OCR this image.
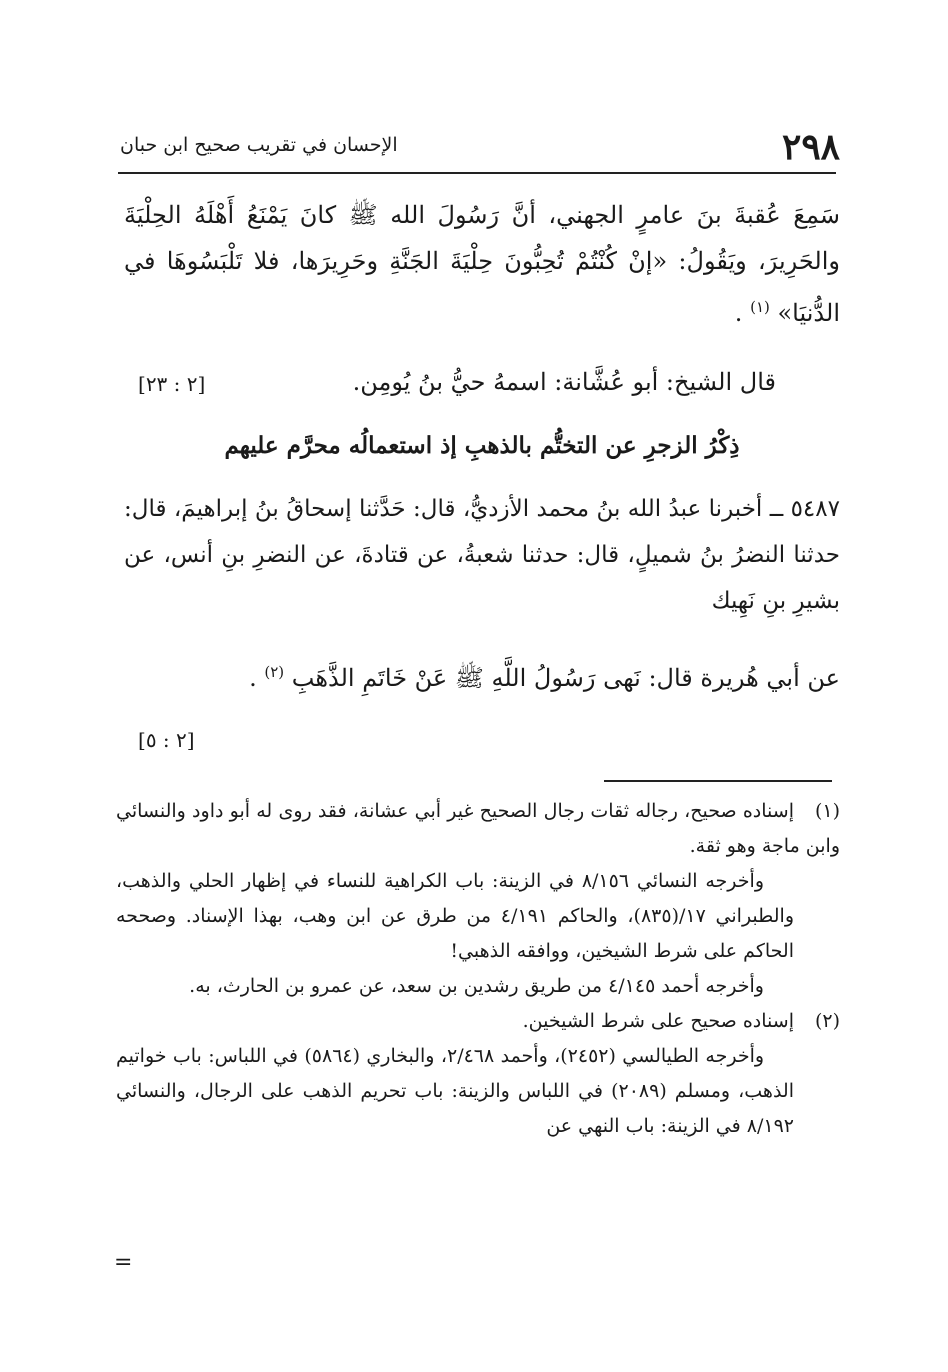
٢٩٨
الإحسان في تقريب صحيح ابن حبان
سَمِعَ عُقبةَ بنَ عامرٍ الجهني، أنَّ رَسُولَ الله ﷺ كانَ يَمْنَعُ أَهْلَهُ الحِلْيَةَ والحَرِيرَ، ويَقُولُ: «إنْ كُنْتُمْ تُحِبُّونَ حِلْيَةَ الجَنَّةِ وحَرِيرَها، فلا تَلْبَسُوهَا في الدُّنيَا» $^{(١)}$ .
قال الشيخ: أبو عُشَّانة: اسمهُ حيُّ بنُ يُومِن.
[٢ : ٢٣]
ذِكْرُ الزجرِ عن التختُّم بالذهبِ إذ استعمالُه محرَّم عليهم
٥٤٨٧ ــ أخبرنا عبدُ الله بنُ محمد الأزديُّ، قال: حَدَّثنا إسحاقُ بنُ إبراهيمَ، قال: حدثنا النضرُ بنُ شميلٍ، قال: حدثنا شعبةُ، عن قتادةَ، عن النضرِ بنِ أنس، عن بشيرِ بنِ نَهِيك
عن أبي هُريرة قال: نَهى رَسُولُ اللَّهِ ﷺ عَنْ خَاتَمِ الذَّهَبِ $^{(٢)}$ .
[٢ : ٥]

(١)إسناده صحيح، رجاله ثقات رجال الصحيح غير أبي عشانة، فقد روى له أبو داود والنسائي وابن ماجة وهو ثقة.

وأخرجه النسائي ٨/١٥٦ في الزينة: باب الكراهية للنساء في إظهار الحلي والذهب، والطبراني ١٧/(٨٣٥)، والحاكم ٤/١٩١ من طرق عن ابن وهب، بهذا الإسناد. وصححه الحاكم على شرط الشيخين، ووافقه الذهبي!

وأخرجه أحمد ٤/١٤٥ من طريق رشدين بن سعد، عن عمرو بن الحارث، به.

(٢)إسناده صحيح على شرط الشيخين.

وأخرجه الطيالسي (٢٤٥٢)، وأحمد ٢/٤٦٨، والبخاري (٥٨٦٤) في اللباس: باب خواتيم الذهب، ومسلم (٢٠٨٩) في اللباس والزينة: باب تحريم الذهب على الرجال، والنسائي ٨/١٩٢ في الزينة: باب النهي عن

=
